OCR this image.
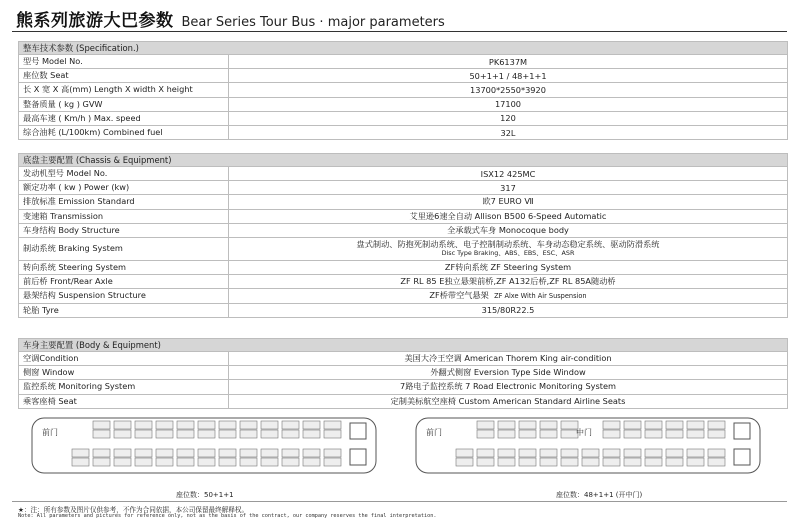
熊系列旅游大巴参数 Bear Series Tour Bus · major parameters
整车技术参数 (Specification.)	
型号 Model No.	PK6137M
座位数 Seat	50+1+1 / 48+1+1
长 X 宽 X 高(mm) Length X width X height	13700*2550*3920
整备质量 ( kg ) GVW	17100
最高车速 ( Km/h ) Max. speed	120
综合油耗 (L/100km) Combined fuel	32L
底盘主要配置 (Chassis & Equipment)	
发动机型号 Model No.	ISX12 425MC
额定功率 ( kw ) Power (kw)	317
排放标准 Emission Standard	欧7 EURO Ⅶ
变速箱 Transmission	艾里逊6速全自动 Allison B500 6-Speed Automatic
车身结构 Body Structure	全承载式车身 Monocoque body
制动系统 Braking System	盘式制动、防抱死制动系统、电子控制制动系统、车身动态稳定系统、驱动防滑系统
Disc Type Braking、ABS、EBS、ESC、ASR

转向系统 Steering System	ZF转向系统 ZF Steering System
前后桥 Front/Rear Axle	ZF RL 85 E独立悬架前桥,ZF A132后桥,ZF RL 85A随动桥
悬架结构 Suspension Structure	ZF桥带空气悬架 ZF Alxe With Air Suspension
轮胎 Tyre	315/80R22.5
车身主要配置 (Body & Equipment)	
空调Condition	美国大冷王空调 American Thorem King air-condition
侧窗 Window	外翻式侧窗 Eversion Type Side Window
监控系统 Monitoring System	7路电子监控系统 7 Road Electronic Monitoring System
乘客座椅 Seat	定制美标航空座椅 Custom American Standard Airline Seats
前门
座位数：50+1+1
前门	中门
座位数：48+1+1 (开中门)
★：注：所有参数及图片仅供参考，不作为合同依据，本公司保留最终解释权。
Note: All parameters and pictures for reference only, not as the basis of the contract, our company reserves the final interpretation.
